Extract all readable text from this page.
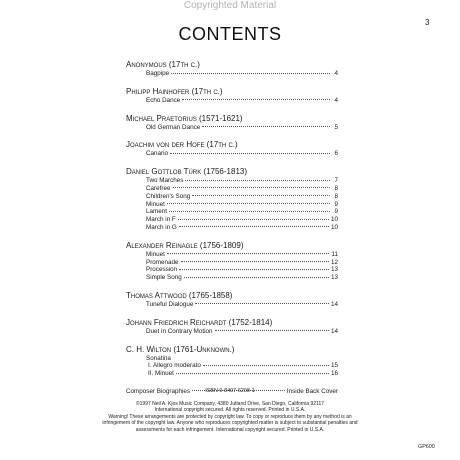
Copyrighted Material
3
CONTENTS
Anonymous (17th c.)
Bagpipe	4
Philipp Hainhofer (17th c.)
Echo Dance	4
Michael Praetorius (1571-1621)
Old German Dance	5
Joachim von der Hofe (17th c.)
Canario	6
Daniel Gottlob Türk (1756-1813)
Two Marches	7
Carefree	8
Children's Song	8
Minuet	9
Lament	9
March in F	10
March in G	10
Alexander Reinagle (1756-1809)
Minuet	11
Promenade	12
Procession	13
Simple Song	13
Thomas Attwood (1765-1858)
Tuneful Dialogue	14
Johann Friedrich Reichardt (1752-1814)
Duet in Contrary Motion	14
C. H. Wilton (1761-Unknown.)
Sonatina
I. Allegro moderato	15
II. Minuet	16
Composer Biographies	Inside Back Cover
ISBN 0-8497-6208-1
©1997 Neil A. Kjos Music Company, 4380 Jutland Drive, San Diego, California 92117
International copyright secured. All rights reserved. Printed in U.S.A.
Warning! These arrangements are protected by copyright law. To copy or reproduce them by any method is an infringement of the copyright law. Anyone who reproduces copyrighted matter is subject to substantial penalties and assessments for each infringement. International copyright secured. Printed in U.S.A.
GP600
